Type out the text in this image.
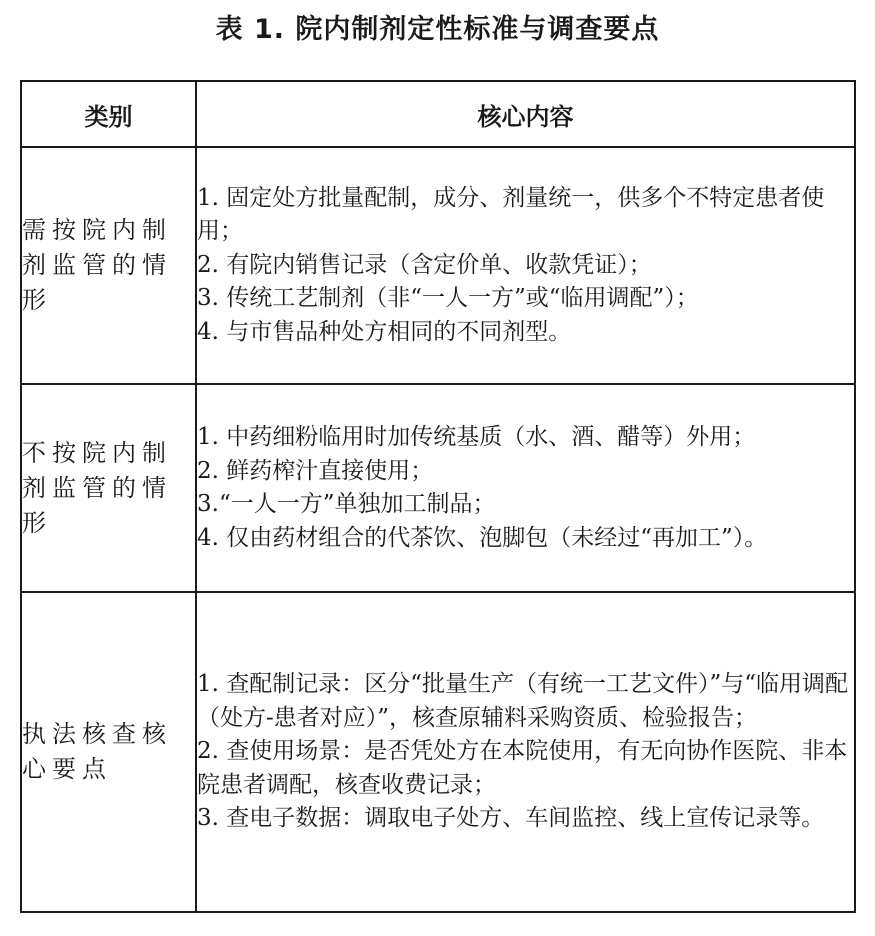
表 1. 院内制剂定性标准与调查要点
类别	核心内容
需按院内制剂监管的情形	1. 固定处方批量配制，成分、剂量统一，供多个不特定患者使用；
2. 有院内销售记录（含定价单、收款凭证）；
3. 传统工艺制剂（非“一人一方”或“临用调配”）；
4. 与市售品种处方相同的不同剂型。

不按院内制剂监管的情形	1. 中药细粉临用时加传统基质（水、酒、醋等）外用；
2. 鲜药榨汁直接使用；
3.“一人一方”单独加工制品；
4. 仅由药材组合的代茶饮、泡脚包（未经过“再加工”）。

执法核查核心要点	1. 查配制记录：区分“批量生产（有统一工艺文件）”与“临用调配（处方-患者对应）”，核查原辅料采购资质、检验报告；
2. 查使用场景：是否凭处方在本院使用，有无向协作医院、非本院患者调配，核查收费记录；
3. 查电子数据：调取电子处方、车间监控、线上宣传记录等。
